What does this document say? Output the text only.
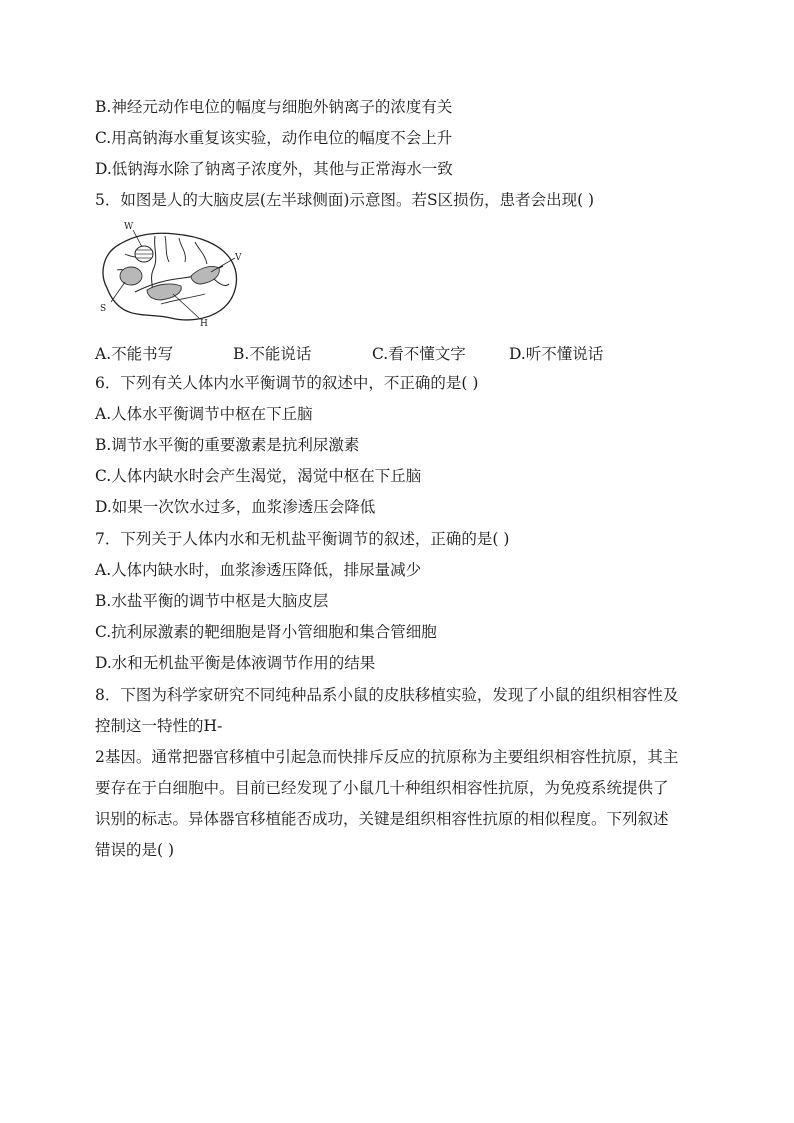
B.神经元动作电位的幅度与细胞外钠离子的浓度有关
C.用高钠海水重复该实验，动作电位的幅度不会上升
D.低钠海水除了钠离子浓度外，其他与正常海水一致
5．如图是人的大脑皮层(左半球侧面)示意图。若S区损伤，患者会出现( )
W
V
S
H
A.不能书写	B.不能说话	C.看不懂文字	D.听不懂说话
6．下列有关人体内水平衡调节的叙述中，不正确的是( )
A.人体水平衡调节中枢在下丘脑
B.调节水平衡的重要激素是抗利尿激素
C.人体内缺水时会产生渴觉，渴觉中枢在下丘脑
D.如果一次饮水过多，血浆渗透压会降低
7．下列关于人体内水和无机盐平衡调节的叙述，正确的是( )
A.人体内缺水时，血浆渗透压降低，排尿量减少
B.水盐平衡的调节中枢是大脑皮层
C.抗利尿激素的靶细胞是肾小管细胞和集合管细胞
D.水和无机盐平衡是体液调节作用的结果
8．下图为科学家研究不同纯种品系小鼠的皮肤移植实验，发现了小鼠的组织相容性及
控制这一特性的H-
2基因。通常把器官移植中引起急而快排斥反应的抗原称为主要组织相容性抗原，其主
要存在于白细胞中。目前已经发现了小鼠几十种组织相容性抗原，为免疫系统提供了
识别的标志。异体器官移植能否成功，关键是组织相容性抗原的相似程度。下列叙述
错误的是( )
